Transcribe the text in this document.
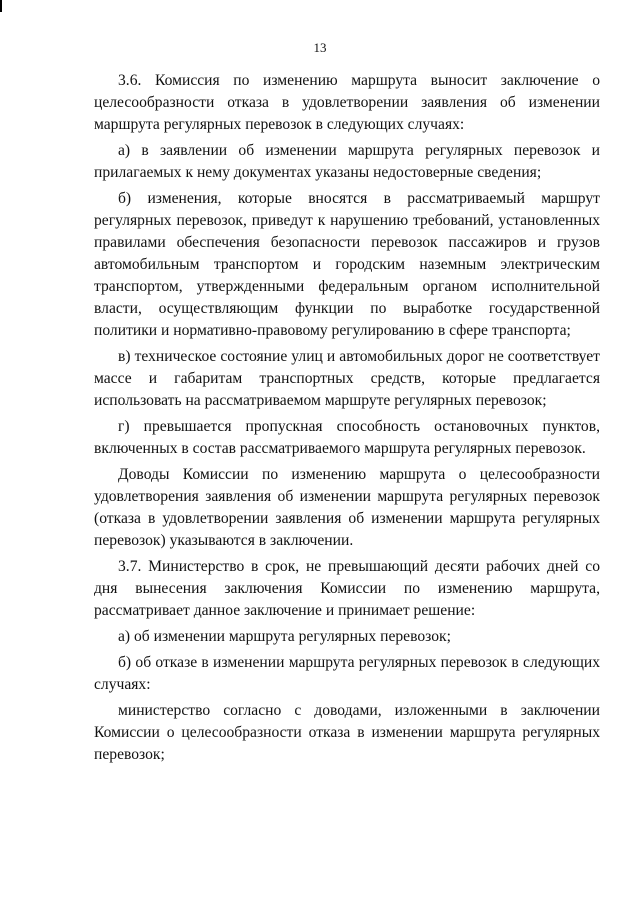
13

3.6. Комиссия по изменению маршрута выносит заключение о целесообразности отказа в удовлетворении заявления об изменении маршрута регулярных перевозок в следующих случаях:

а) в заявлении об изменении маршрута регулярных перевозок и прилагаемых к нему документах указаны недостоверные сведения;

б) изменения, которые вносятся в рассматриваемый маршрут регулярных перевозок, приведут к нарушению требований, установленных правилами обеспечения безопасности перевозок пассажиров и грузов автомобильным транспортом и городским наземным электрическим транспортом, утвержденными федеральным органом исполнительной власти, осуществляющим функции по выработке государственной политики и нормативно-правовому регулированию в сфере транспорта;

в) техническое состояние улиц и автомобильных дорог не соответствует массе и габаритам транспортных средств, которые предлагается использовать на рассматриваемом маршруте регулярных перевозок;

г) превышается пропускная способность остановочных пунктов, включенных в состав рассматриваемого маршрута регулярных перевозок.

Доводы Комиссии по изменению маршрута о целесообразности удовлетворения заявления об изменении маршрута регулярных перевозок (отказа в удовлетворении заявления об изменении маршрута регулярных перевозок) указываются в заключении.

3.7. Министерство в срок, не превышающий десяти рабочих дней со дня вынесения заключения Комиссии по изменению маршрута, рассматривает данное заключение и принимает решение:

а) об изменении маршрута регулярных перевозок;

б) об отказе в изменении маршрута регулярных перевозок в следующих случаях:

министерство согласно с доводами, изложенными в заключении Комиссии о целесообразности отказа в изменении маршрута регулярных перевозок;
